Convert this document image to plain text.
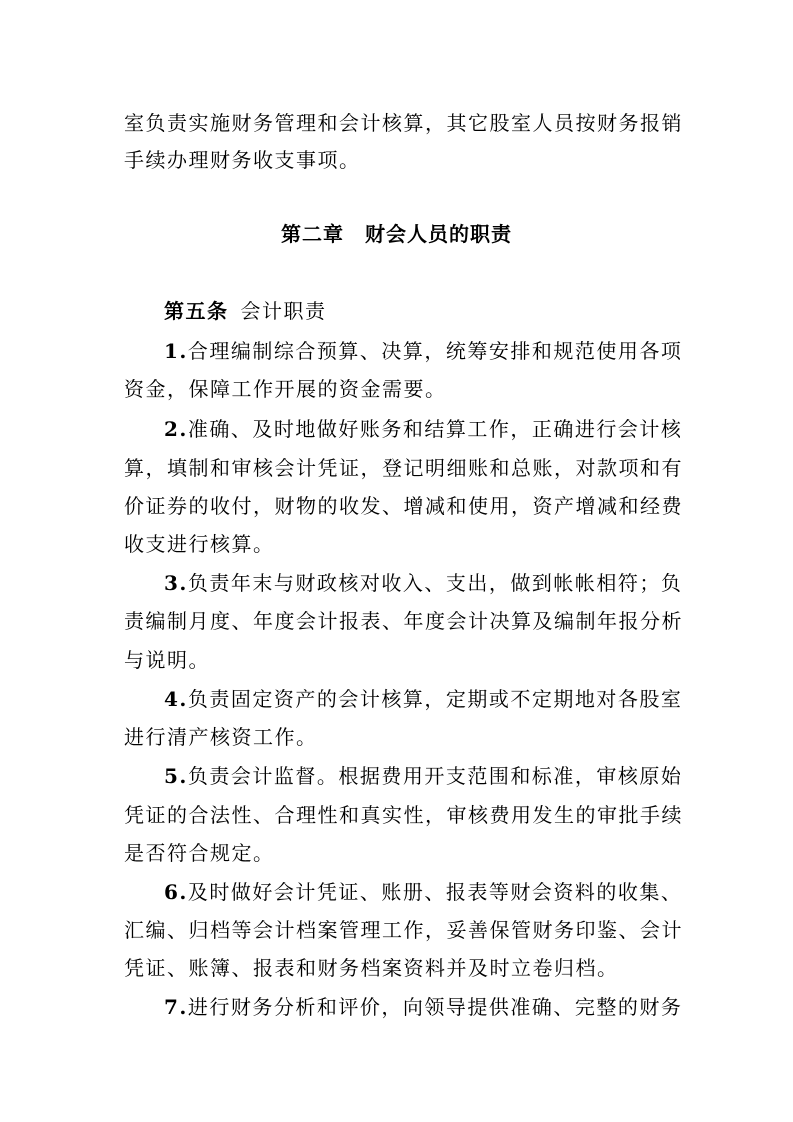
室负责实施财务管理和会计核算，其它股室人员按财务报销
手续办理财务收支事项。
第二章　财会人员的职责
第五条 会计职责
1.合理编制综合预算、决算，统筹安排和规范使用各项
资金，保障工作开展的资金需要。
2.准确、及时地做好账务和结算工作，正确进行会计核
算，填制和审核会计凭证，登记明细账和总账，对款项和有
价证券的收付，财物的收发、增减和使用，资产增减和经费
收支进行核算。
3.负责年末与财政核对收入、支出，做到帐帐相符；负
责编制月度、年度会计报表、年度会计决算及编制年报分析
与说明。
4.负责固定资产的会计核算，定期或不定期地对各股室
进行清产核资工作。
5.负责会计监督。根据费用开支范围和标准，审核原始
凭证的合法性、合理性和真实性，审核费用发生的审批手续
是否符合规定。
6.及时做好会计凭证、账册、报表等财会资料的收集、
汇编、归档等会计档案管理工作，妥善保管财务印鉴、会计
凭证、账簿、报表和财务档案资料并及时立卷归档。
7.进行财务分析和评价，向领导提供准确、完整的财务
